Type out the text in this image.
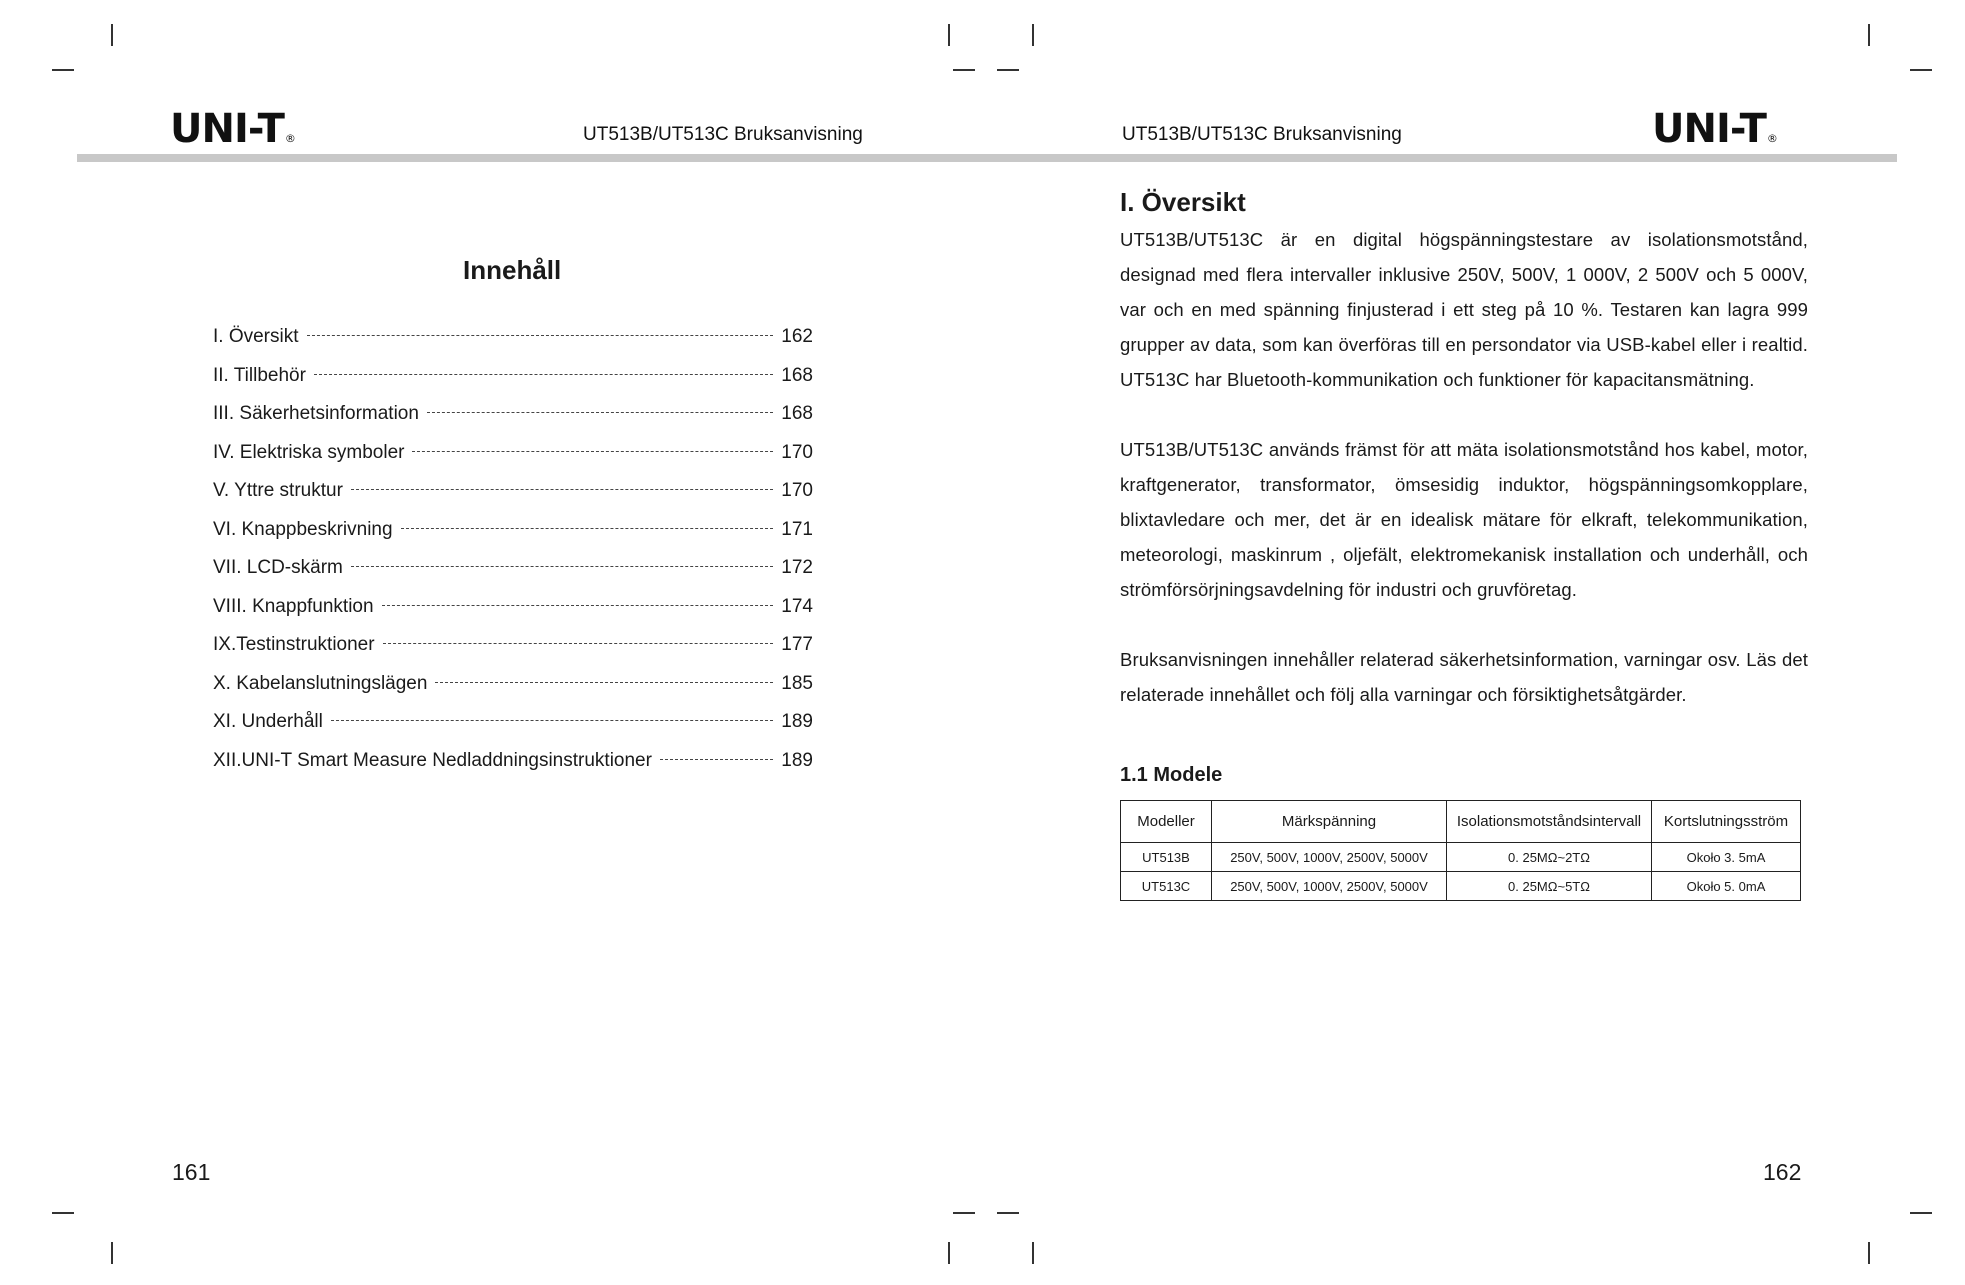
UNI-T®	UT513B/UT513C Bruksanvisning	UT513B/UT513C Bruksanvisning	UNI-T®
Innehåll
I. Översikt	162
II. Tillbehör	168
III. Säkerhetsinformation	168
IV. Elektriska symboler	170
V. Yttre struktur	170
VI. Knappbeskrivning	171
VII. LCD-skärm	172
VIII. Knappfunktion	174
IX.Testinstruktioner	177
X. Kabelanslutningslägen	185
XI. Underhåll	189
XII.UNI-T Smart Measure Nedladdningsinstruktioner	189
161
I. Översikt
UT513B/UT513C är en digital högspänningstestare av isolationsmotstånd, designad med flera intervaller inklusive 250V, 500V, 1 000V, 2 500V och 5 000V, var och en med spänning finjusterad i ett steg på 10 %. Testaren kan lagra 999 grupper av data, som kan överföras till en persondator via USB-kabel eller i realtid. UT513C har Bluetooth-kommunikation och funktioner för kapacitansmätning.
UT513B/UT513C används främst för att mäta isolationsmotstånd hos kabel, motor, kraftgenerator, transformator, ömsesidig induktor, högspänningsomkopplare, blixtavledare och mer, det är en idealisk mätare för elkraft, telekommunikation, meteorologi, maskinrum , oljefält, elektromekanisk installation och underhåll, och strömförsörjningsavdelning för industri och gruvföretag.
Bruksanvisningen innehåller relaterad säkerhetsinformation, varningar osv. Läs det relaterade innehållet och följ alla varningar och försiktighetsåtgärder.
1.1 Modele
Modeller	Märkspänning	Isolationsmotståndsintervall	Kortslutningsström
UT513B	250V, 500V, 1000V, 2500V, 5000V	0. 25MΩ~2TΩ	Około 3. 5mA
UT513C	250V, 500V, 1000V, 2500V, 5000V	0. 25MΩ~5TΩ	Około 5. 0mA
162
